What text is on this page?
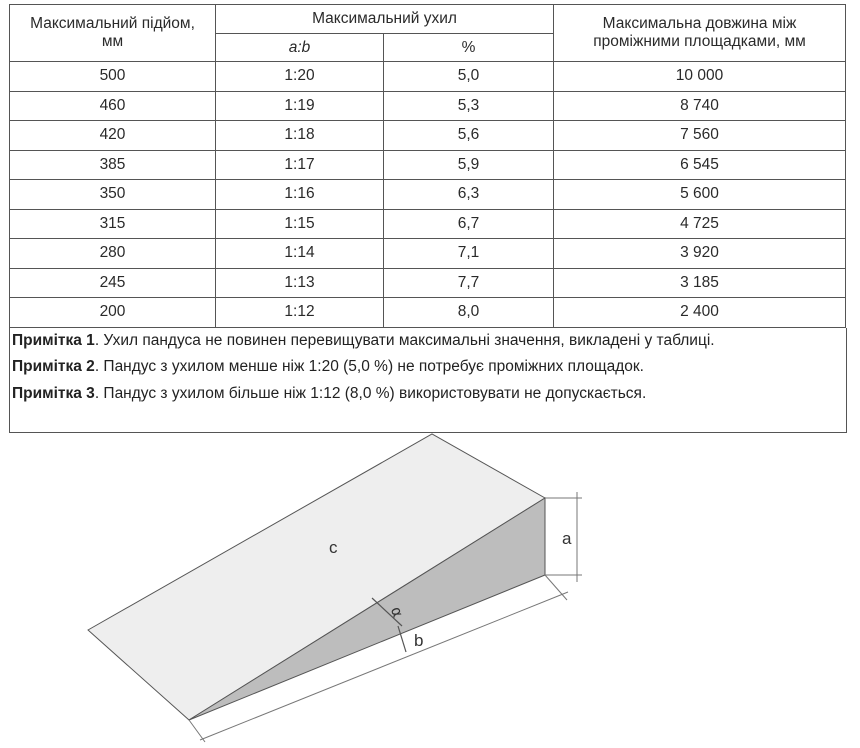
Максимальний підйом, мм	Максимальний ухил		Максимальна довжина між проміжними площадками, мм
	a:b	%	
500	1:20	5,0	10 000
460	1:19	5,3	8 740
420	1:18	5,6	7 560
385	1:17	5,9	6 545
350	1:16	6,3	5 600
315	1:15	6,7	4 725
280	1:14	7,1	3 920
245	1:13	7,7	3 185
200	1:12	8,0	2 400
Примітка 1. Ухил пандуса не повинен перевищувати максимальні значення, викладені у таблиці.
Примітка 2. Пандус з ухилом менше ніж 1:20 (5,0 %) не потребує проміжних площадок.
Примітка 3. Пандус з ухилом більше ніж 1:12 (8,0 %) використовувати не допускається.
a
b
α
c
